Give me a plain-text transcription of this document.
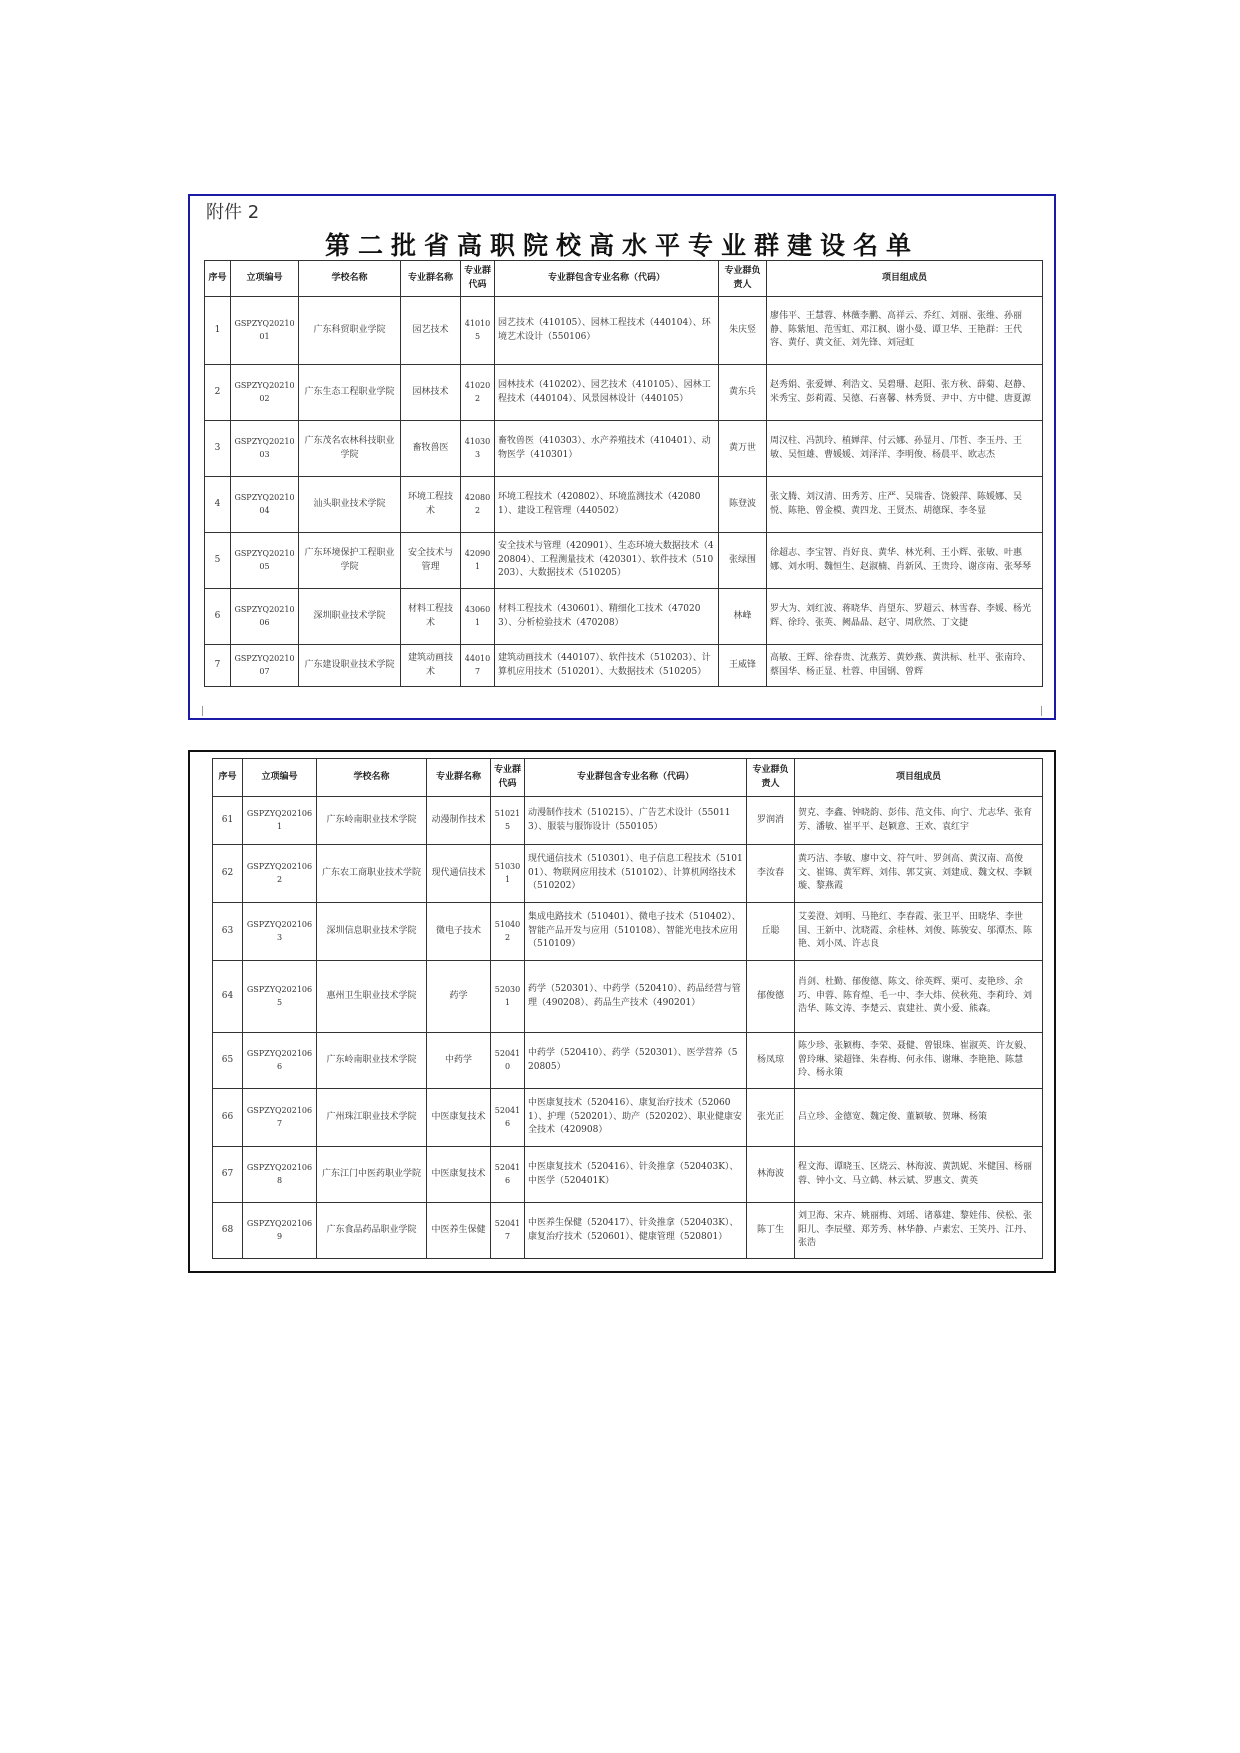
附件 2
第二批省高职院校高水平专业群建设名单
序号	立项编号	学校名称	专业群名称	专业群代码	专业群包含专业名称（代码）	专业群负责人	项目组成员
1	GSPZYQ2021001	广东科贸职业学院	园艺技术	410105	园艺技术（410105）、园林工程技术（440104）、环境艺术设计（550106）	朱庆竖	廖伟平、王慧蓉、林薇李鹏、高祥云、乔红、刘丽、张维、孙丽静、陈紫旭、范雪虹、邓江枫、谢小曼、谭卫华、王艳群：王代容、黄仔、黄文征、刘先锋、刘冠虹
2	GSPZYQ2021002	广东生态工程职业学院	园林技术	410202	园林技术（410202）、园艺技术（410105）、园林工程技术（440104）、风景园林设计（440105）	黄东兵	赵秀娟、张爱婵、利浩文、吴碧珊、赵阳、张方秋、薛菊、赵静、米秀宝、彭莉霞、吴德、石喜馨、林秀贤、尹中、方中健、唐夏源
3	GSPZYQ2021003	广东茂名农林科技职业学院	畜牧兽医	410303	畜牧兽医（410303）、水产养殖技术（410401）、动物医学（410301）	黄万世	周汉柱、冯凯玲、植婵萍、付云娜、孙显月、邝哲、李玉丹、王敏、吴恒雄、曹媛媛、刘泽洋、李明俊、杨晨平、欧志杰
4	GSPZYQ2021004	汕头职业技术学院	环境工程技术	420802	环境工程技术（420802）、环境监测技术（420801）、建设工程管理（440502）	陈登波	张文腾、刘汉清、田秀芳、庄严、吴瑞香、饶毅萍、陈媛娜、吴悦、陈艳、曾金模、黄四龙、王贤杰、胡德琛、李冬显
5	GSPZYQ2021005	广东环境保护工程职业学院	安全技术与管理	420901	安全技术与管理（420901）、生态环境大数据技术（420804）、工程测量技术（420301）、软件技术（510203）、大数据技术（510205）	张绿围	徐超志、李宝智、肖好良、黄华、林光利、王小辉、张敏、叶惠娜、刘水明、魏恒生、赵淑楠、肖新风、王贵玲、谢彦南、张琴琴
6	GSPZYQ2021006	深圳职业技术学院	材料工程技术	430601	材料工程技术（430601）、精细化工技术（470203）、分析检验技术（470208）	林峰	罗大为、刘红波、蒋晓华、肖望东、罗超云、林雪春、李媛、杨光辉、徐玲、张英、阙晶晶、赵守、周欣然、丁文捷
7	GSPZYQ2021007	广东建设职业技术学院	建筑动画技术	440107	建筑动画技术（440107）、软件技术（510203）、计算机应用技术（510201）、大数据技术（510205）	王威锋	高敏、王辉、徐春贵、沈燕芳、黄妙燕、黄洪标、杜平、张南玲、蔡国华、杨正显、杜蓉、申国钢、曾辉
序号	立项编号	学校名称	专业群名称	专业群代码	专业群包含专业名称（代码）	专业群负责人	项目组成员
61	GSPZYQ2021061	广东岭南职业技术学院	动漫制作技术	510215	动漫制作技术（510215）、广告艺术设计（550113）、服装与服饰设计（550105）	罗润消	贺克、李鑫、钟晓韵、彭伟、范文伟、向宁、尤志华、张育芳、潘敏、崔平平、赵颖意、王欢、袁红宇
62	GSPZYQ2021062	广东农工商职业技术学院	现代通信技术	510301	现代通信技术（510301）、电子信息工程技术（510101）、物联网应用技术（510102）、计算机网络技术（510202）	李汝春	黄巧洁、李敏、廖中文、符气叶、罗剑高、黄汉南、高俊文、崔锦、黄军辉、刘伟、郭艾寅、刘建成、魏文权、李颖璇、黎燕霞
63	GSPZYQ2021063	深圳信息职业技术学院	微电子技术	510402	集成电路技术（510401）、微电子技术（510402）、智能产品开发与应用（510108）、智能光电技术应用（510109）	丘聪	艾姜澄、刘明、马艳红、李春霞、张卫平、田晓华、李世国、王新中、沈晓霞、余桂林、刘俊、陈骏安、邬潭杰、陈艳、刘小凤、许志良
64	GSPZYQ2021065	惠州卫生职业技术学院	药学	520301	药学（520301）、中药学（520410）、药品经营与管理（490208）、药品生产技术（490201）	郁俊德	肖剑、杜勤、郁俊德、陈文、徐英辉、栗可、麦艳珍、余巧、申蓉、陈育煌、毛一中、李大炜、侯秋苑、李莉玲、刘浩华、陈文涛、李楚云、袁建社、黄小爱、熊森。
65	GSPZYQ2021066	广东岭南职业技术学院	中药学	520410	中药学（520410）、药学（520301）、医学营养（520805）	杨凤琼	陈少珍、张颖梅、李荣、聂健、曾银珠、崔淑英、许友毅、曾玲琳、梁超锋、朱春梅、何永伟、谢琳、李艳艳、陈慧玲、杨永策
66	GSPZYQ2021067	广州珠江职业技术学院	中医康复技术	520416	中医康复技术（520416）、康复治疗技术（520601）、护理（520201）、助产（520202）、职业健康安全技术（420908）	张光正	吕立珍、金德宽、魏定俊、董颖敏、贺琳、杨策
67	GSPZYQ2021068	广东江门中医药职业学院	中医康复技术	520416	中医康复技术（520416）、针灸推拿（520403K）、中医学（520401K）	林海波	程文海、谭晓玉、区烧云、林海波、黄凯妮、米健国、杨丽蓉、钟小文、马立鹤、林云斌、罗惠文、黄英
68	GSPZYQ2021069	广东食品药品职业学院	中医养生保健	520417	中医养生保健（520417）、针灸推拿（520403K）、康复治疗技术（520601）、健康管理（520801）	陈丁生	刘卫海、宋卉、姚丽梅、刘瑶、诸慕建、黎娃伟、侯松、张阳儿、李辰璧、郑芳秀、林华静、卢素宏、王笑丹、江丹、张浩
